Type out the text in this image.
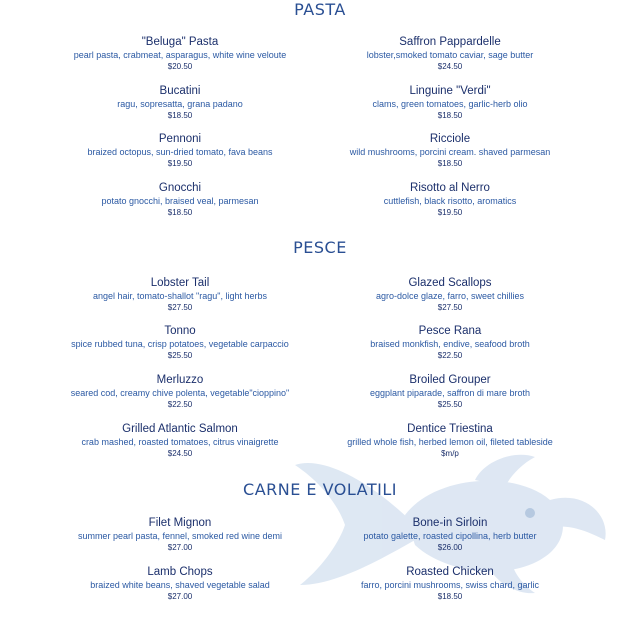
PASTA
"Beluga" Pasta
pearl pasta, crabmeat, asparagus, white wine veloute
$20.50
Saffron Pappardelle
lobster,smoked tomato caviar, sage butter
$24.50
Bucatini
ragu, sopresatta, grana padano
$18.50
Linguine "Verdi"
clams, green tomatoes, garlic-herb olio
$18.50
Pennoni
braized octopus, sun-dried tomato, fava beans
$19.50
Ricciole
wild mushrooms, porcini cream. shaved parmesan
$18.50
Gnocchi
potato gnocchi, braised veal, parmesan
$18.50
Risotto al Nerro
cuttlefish, black risotto, aromatics
$19.50
PESCE
Lobster Tail
angel hair, tomato-shallot "ragu", light herbs
$27.50
Glazed Scallops
agro-dolce glaze, farro, sweet chillies
$27.50
Tonno
spice rubbed tuna, crisp potatoes, vegetable carpaccio
$25.50
Pesce Rana
braised monkfish, endive, seafood broth
$22.50
Merluzzo
seared cod, creamy chive polenta, vegetable"cioppino"
$22.50
Broiled Grouper
eggplant piparade, saffron di mare broth
$25.50
Grilled Atlantic Salmon
crab mashed, roasted tomatoes, citrus vinaigrette
$24.50
Dentice Triestina
grilled whole fish, herbed lemon oil, fileted tableside
$m/p
CARNE E VOLATILI
Filet Mignon
summer pearl pasta, fennel, smoked red wine demi
$27.00
Bone-in Sirloin
potato galette, roasted cipollina, herb butter
$26.00
Lamb Chops
braized white beans, shaved vegetable salad
$27.00
Roasted Chicken
farro, porcini mushrooms, swiss chard, garlic
$18.50
